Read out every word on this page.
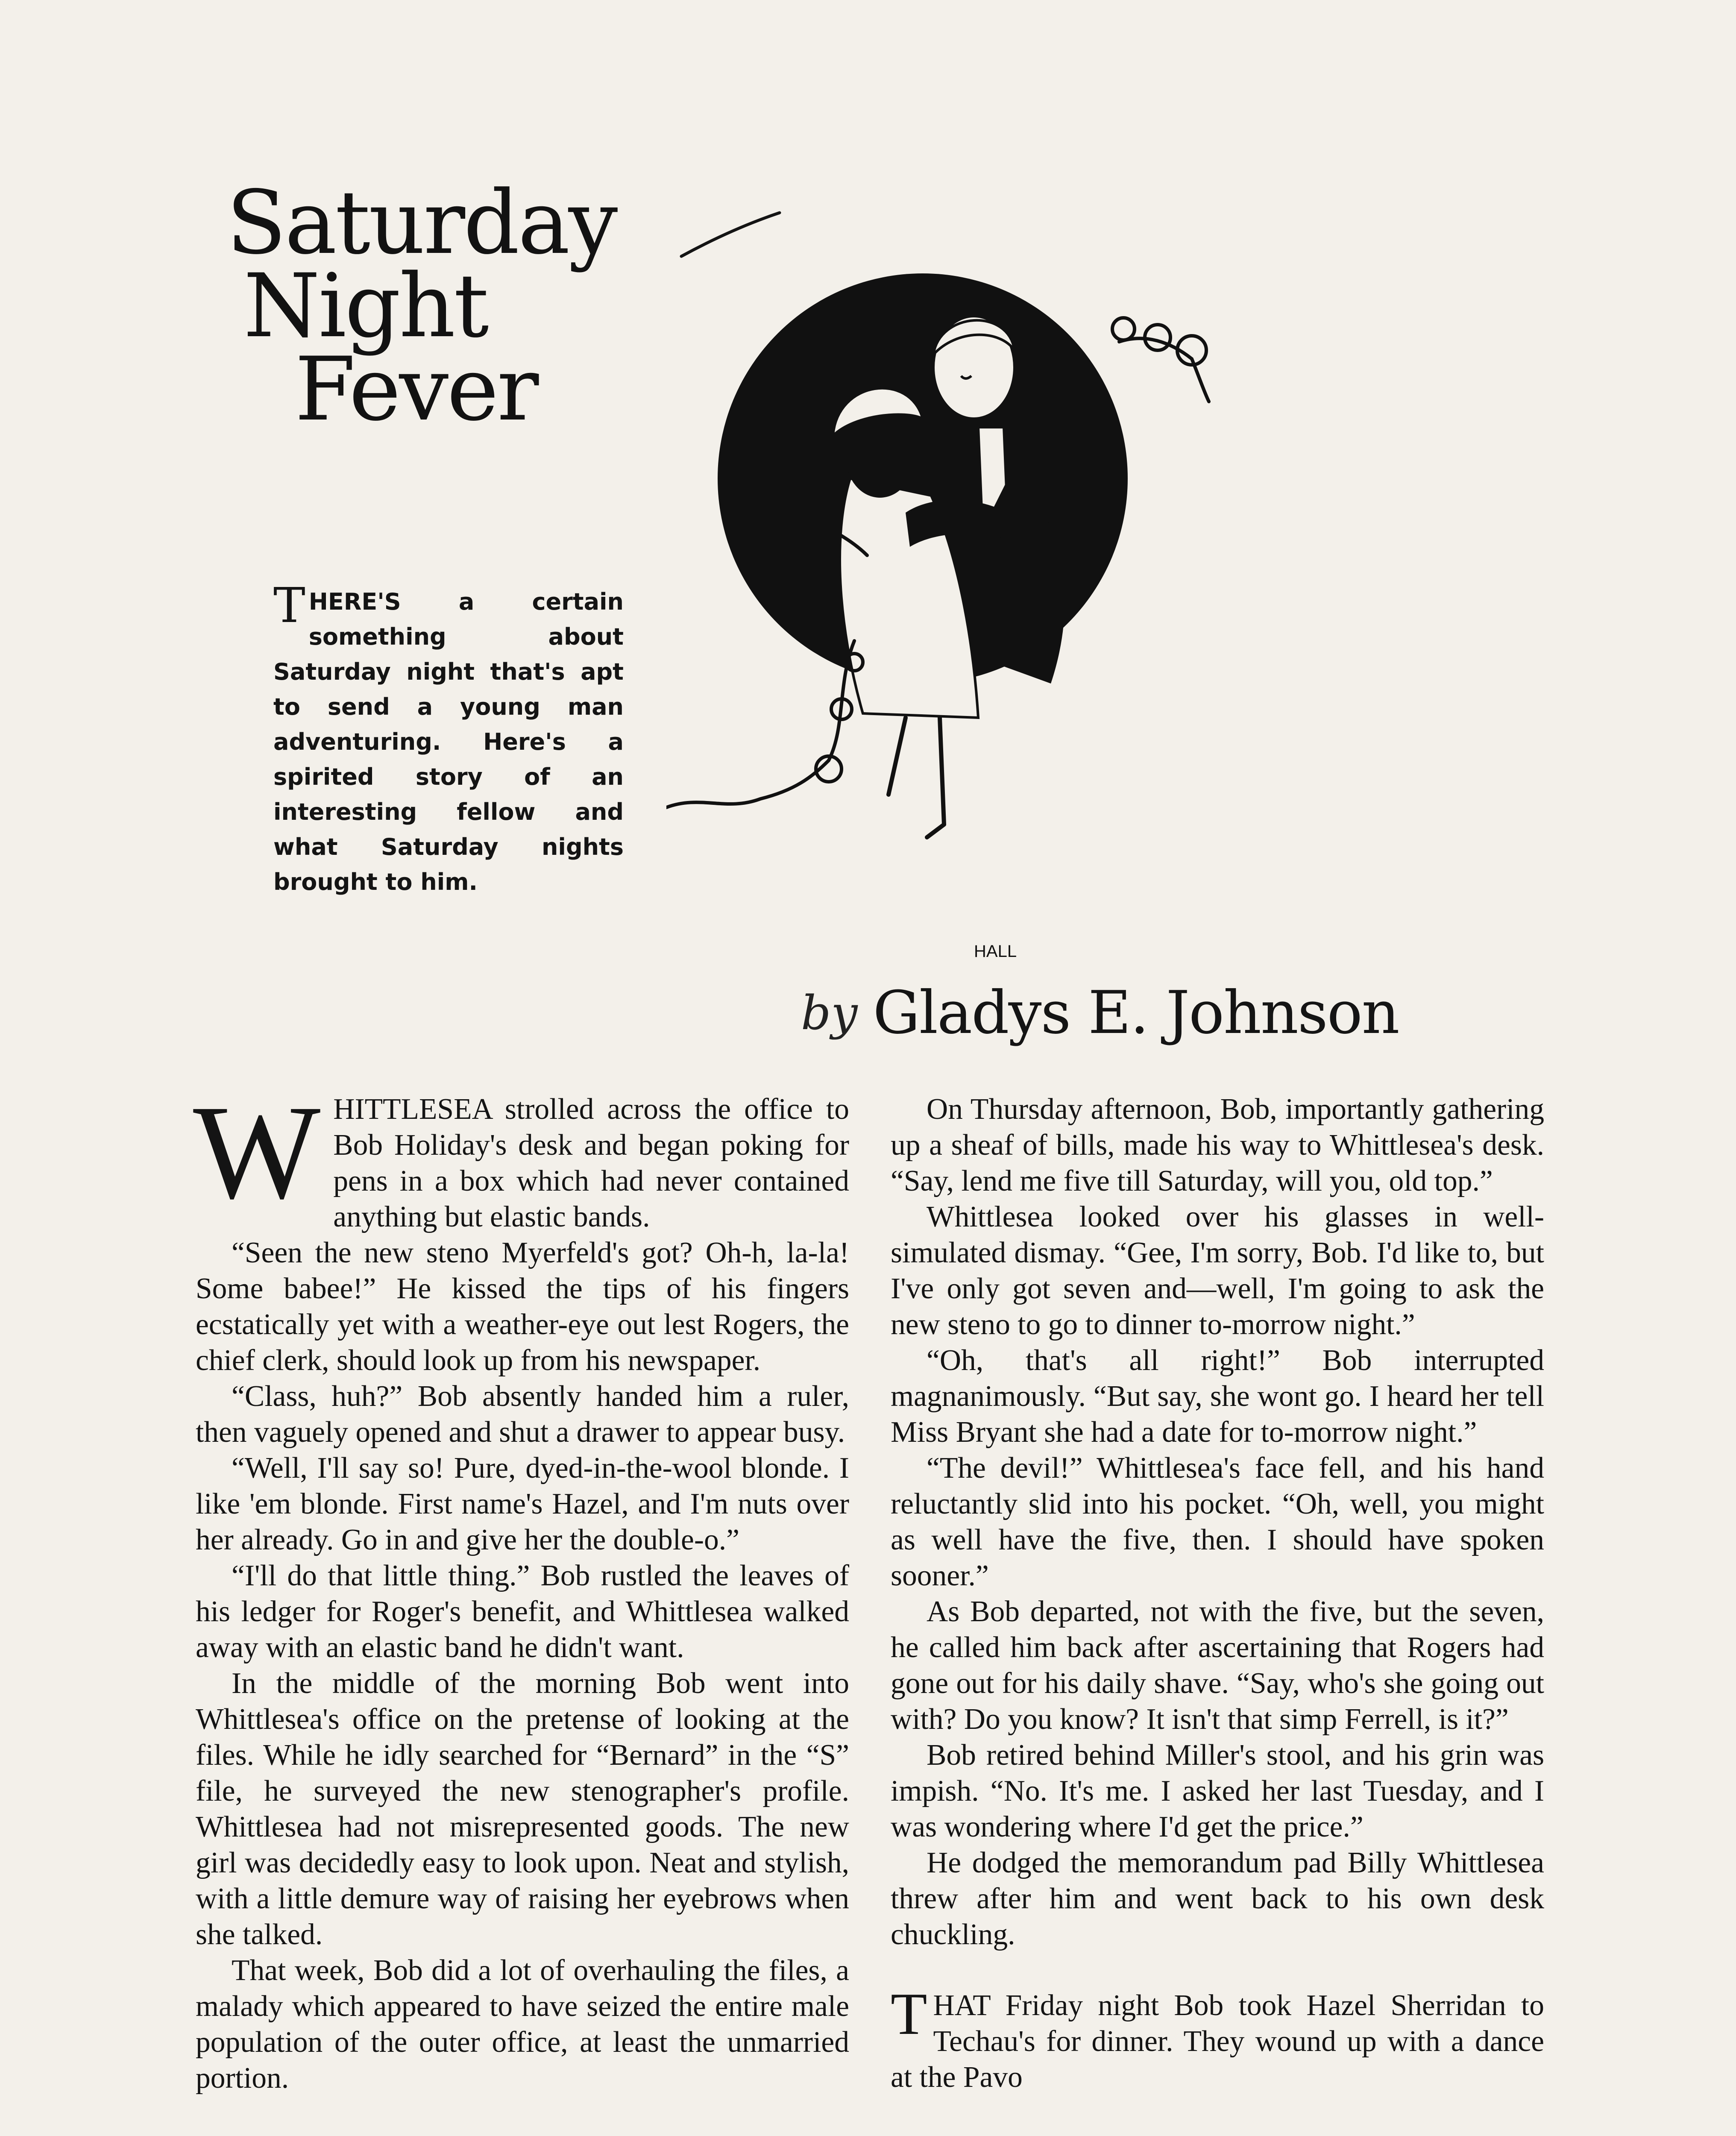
Saturday
Night
Fever
THERE'S a certain something about Saturday night that's apt to send a young man adventuring. Here's a spirited story of an interesting fellow and what Saturday nights brought to him.
HALL
by Gladys E. Johnson

WHITTLESEA strolled across the office to Bob Holiday's desk and began poking for pens in a box which had never contained anything but elastic bands.

“Seen the new steno Myerfeld's got? Oh-h, la-la! Some babee!” He kissed the tips of his fingers ecstatically yet with a weather-eye out lest Rogers, the chief clerk, should look up from his newspaper.

“Class, huh?” Bob absently handed him a ruler, then vaguely opened and shut a drawer to appear busy.

“Well, I'll say so! Pure, dyed-in-the-wool blonde. I like 'em blonde. First name's Hazel, and I'm nuts over her already. Go in and give her the double-o.”

“I'll do that little thing.” Bob rustled the leaves of his ledger for Roger's benefit, and Whittlesea walked away with an elastic band he didn't want.

In the middle of the morning Bob went into Whittlesea's office on the pretense of looking at the files. While he idly searched for “Bernard” in the “S” file, he surveyed the new stenographer's profile. Whittlesea had not misrepresented goods. The new girl was decidedly easy to look upon. Neat and stylish, with a little demure way of raising her eyebrows when she talked.

That week, Bob did a lot of overhauling the files, a malady which appeared to have seized the entire male population of the outer office, at least the unmarried portion.

On Thursday afternoon, Bob, importantly gathering up a sheaf of bills, made his way to Whittlesea's desk. “Say, lend me five till Saturday, will you, old top.”

Whittlesea looked over his glasses in well-simulated dismay. “Gee, I'm sorry, Bob. I'd like to, but I've only got seven and—well, I'm going to ask the new steno to go to dinner to-morrow night.”

“Oh, that's all right!” Bob interrupted magnanimously. “But say, she wont go. I heard her tell Miss Bryant she had a date for to-morrow night.”

“The devil!” Whittlesea's face fell, and his hand reluctantly slid into his pocket. “Oh, well, you might as well have the five, then. I should have spoken sooner.”

As Bob departed, not with the five, but the seven, he called him back after ascertaining that Rogers had gone out for his daily shave. “Say, who's she going out with? Do you know? It isn't that simp Ferrell, is it?”

Bob retired behind Miller's stool, and his grin was impish. “No. It's me. I asked her last Tuesday, and I was wondering where I'd get the price.”

He dodged the memorandum pad Billy Whittlesea threw after him and went back to his own desk chuckling.

THAT Friday night Bob took Hazel Sherridan to Techau's for dinner. They wound up with a dance at the Pavo
